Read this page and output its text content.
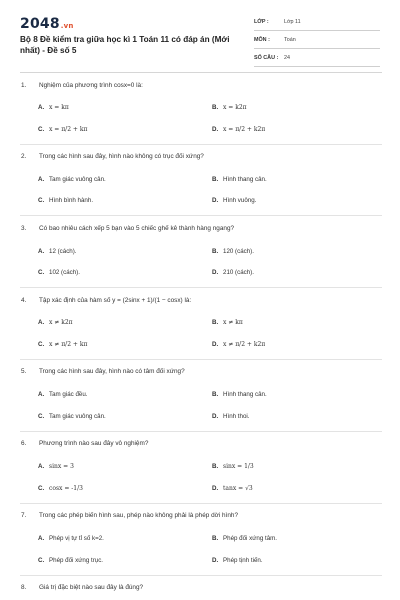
2048.vn
Bộ 8 Đề kiểm tra giữa học kì 1 Toán 11 có đáp án (Mới nhất) - Đề số 5
LỚP :	Lớp 11
MÔN :	Toán
SỐ CÂU : 24
1. Nghiệm của phương trình cosx=0 là:
A. x = kπ	B. x = k2π
C. x = π/2 + kπ	D. x = π/2 + k2π
2. Trong các hình sau đây, hình nào không có trục đối xứng?
A. Tam giác vuông cân.	B. Hình thang cân.
C. Hình bình hành.	D. Hình vuông.
3. Có bao nhiêu cách xếp 5 bạn vào 5 chiếc ghế kê thành hàng ngang?
A. 12 (cách).	B. 120 (cách).
C. 102 (cách).	D. 210 (cách).
4. Tập xác định của hàm số y = (2sinx + 1)/(1 − cosx) là:
A. x ≠ k2π	B. x ≠ kπ
C. x ≠ π/2 + kπ	D. x ≠ π/2 + k2π
5. Trong các hình sau đây, hình nào có tâm đối xứng?
A. Tam giác đều.	B. Hình thang cân.
C. Tam giác vuông cân.	D. Hình thoi.
6. Phương trình nào sau đây vô nghiệm?
A. sinx = 3	B. sinx = 1/3
C. cosx = -1/3	D. tanx = √3
7. Trong các phép biến hình sau, phép nào không phải là phép dời hình?
A. Phép vị tự tỉ số k=2.	B. Phép đối xứng tâm.
C. Phép đối xứng trục.	D. Phép tịnh tiến.
8. Giá trị đặc biệt nào sau đây là đúng?
